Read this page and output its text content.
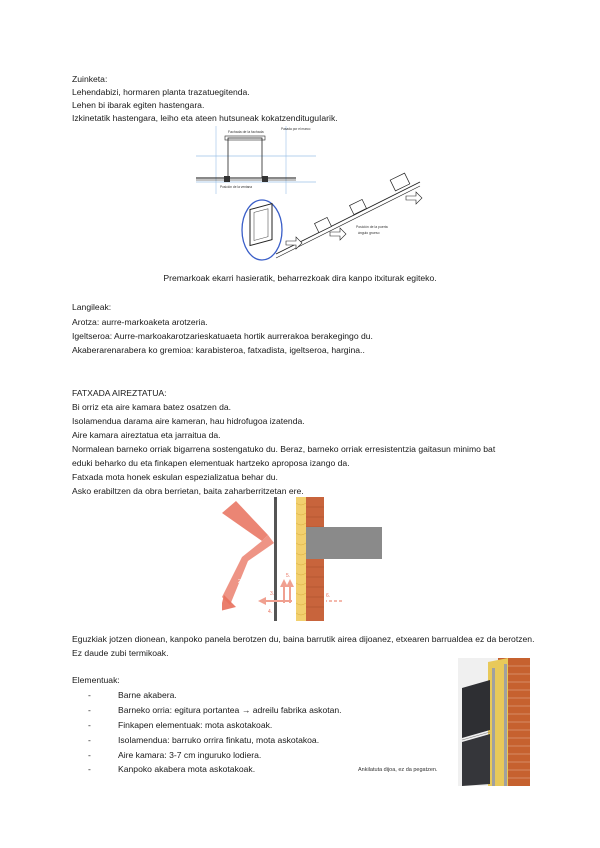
Zuinketa:
Lehendabizi, hormaren planta trazatuegitenda.
Lehen bi ibarak egiten hastengara.
Izkinetatik hastengara, leiho eta ateen hutsuneak kokatzendituguIarik.
Fachada de la fachada
Posición de la ventana
Pasada por el marco
Posición de la puerta
ángulo grueso
Premarkoak ekarri hasieratik, beharrezkoak dira kanpo itxiturak egiteko.
Langileak:
Arotza: aurre-markoaketa arotzeria.
Igeltseroa: Aurre-markoakarotzarieskatuaeta hortik aurrerakoa berakegingo du.
Akaberarenarabera ko gremioa: karabisteroa, fatxadista, igeltseroa, hargina..
FATXADA AIREZTATUA:
Bi orriz eta aire kamara batez osatzen da.
Isolamendua darama aire kameran, hau hidrofugoa izatenda.
Aire kamara aireztatua eta jarraitua da.
Normalean barneko orriak bigarrena sostengatuko du. Beraz, barneko orriak erresistentzia gaitasun minimo bat
eduki beharko du eta finkapen elementuak hartzeko aproposa izango da.
Fatxada mota honek eskulan espezializatua behar du.
Asko erabiltzen da obra berrietan, baita zaharberritzetan ere.
1.
2.
3.
4.
5.
6.
Eguzkiak jotzen dionean, kanpoko panela berotzen du, baina barrutik airea dijoanez, etxearen barrualdea ez da berotzen. Ez daude zubi termikoak.
Elementuak:
-	Barne akabera.
-	Barneko orria: egitura portantea → adreilu fabrika askotan.
-	Finkapen elementuak: mota askotakoak.
-	Isolamendua: barruko orrira finkatu, mota askotakoa.
-	Aire kamara: 3-7 cm inguruko lodiera.
-	Kanpoko akabera mota askotakoak.	Ankilatuta dijoa, ez da pegatzen.
